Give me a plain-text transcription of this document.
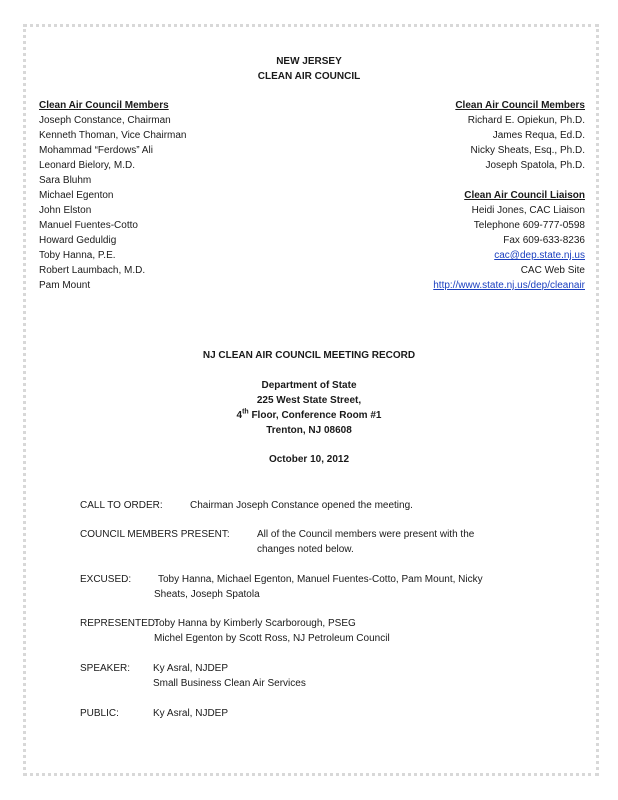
NEW JERSEY
CLEAN AIR COUNCIL
Clean Air Council Members
Joseph Constance, Chairman
Kenneth Thoman, Vice Chairman
Mohammad “Ferdows” Ali
Leonard Bielory, M.D.
Sara Bluhm
Michael Egenton
John Elston
Manuel Fuentes-Cotto
Howard Geduldig
Toby Hanna, P.E.
Robert Laumbach, M.D.
Pam Mount
Clean Air Council Members
Richard E. Opiekun, Ph.D.
James Requa, Ed.D.
Nicky Sheats, Esq., Ph.D.
Joseph Spatola, Ph.D.
Clean Air Council Liaison
Heidi Jones, CAC Liaison
Telephone 609-777-0598
Fax 609-633-8236
cac@dep.state.nj.us
CAC Web Site
http://www.state.nj.us/dep/cleanair
NJ CLEAN AIR COUNCIL MEETING RECORD
Department of State
225 West State Street,
4th Floor, Conference Room #1
Trenton, NJ 08608
October 10, 2012
CALL TO ORDER:	Chairman Joseph Constance opened the meeting.
COUNCIL MEMBERS PRESENT:	All of the Council members were present with the
changes noted below.
EXCUSED:	Toby Hanna, Michael Egenton, Manuel Fuentes-Cotto, Pam Mount, Nicky
Sheats, Joseph Spatola
REPRESENTED:
Toby Hanna by Kimberly Scarborough, PSEG
Michel Egenton by Scott Ross, NJ Petroleum Council
SPEAKER: Ky Asral, NJDEP
Small Business Clean Air Services
PUBLIC:	Ky Asral, NJDEP
